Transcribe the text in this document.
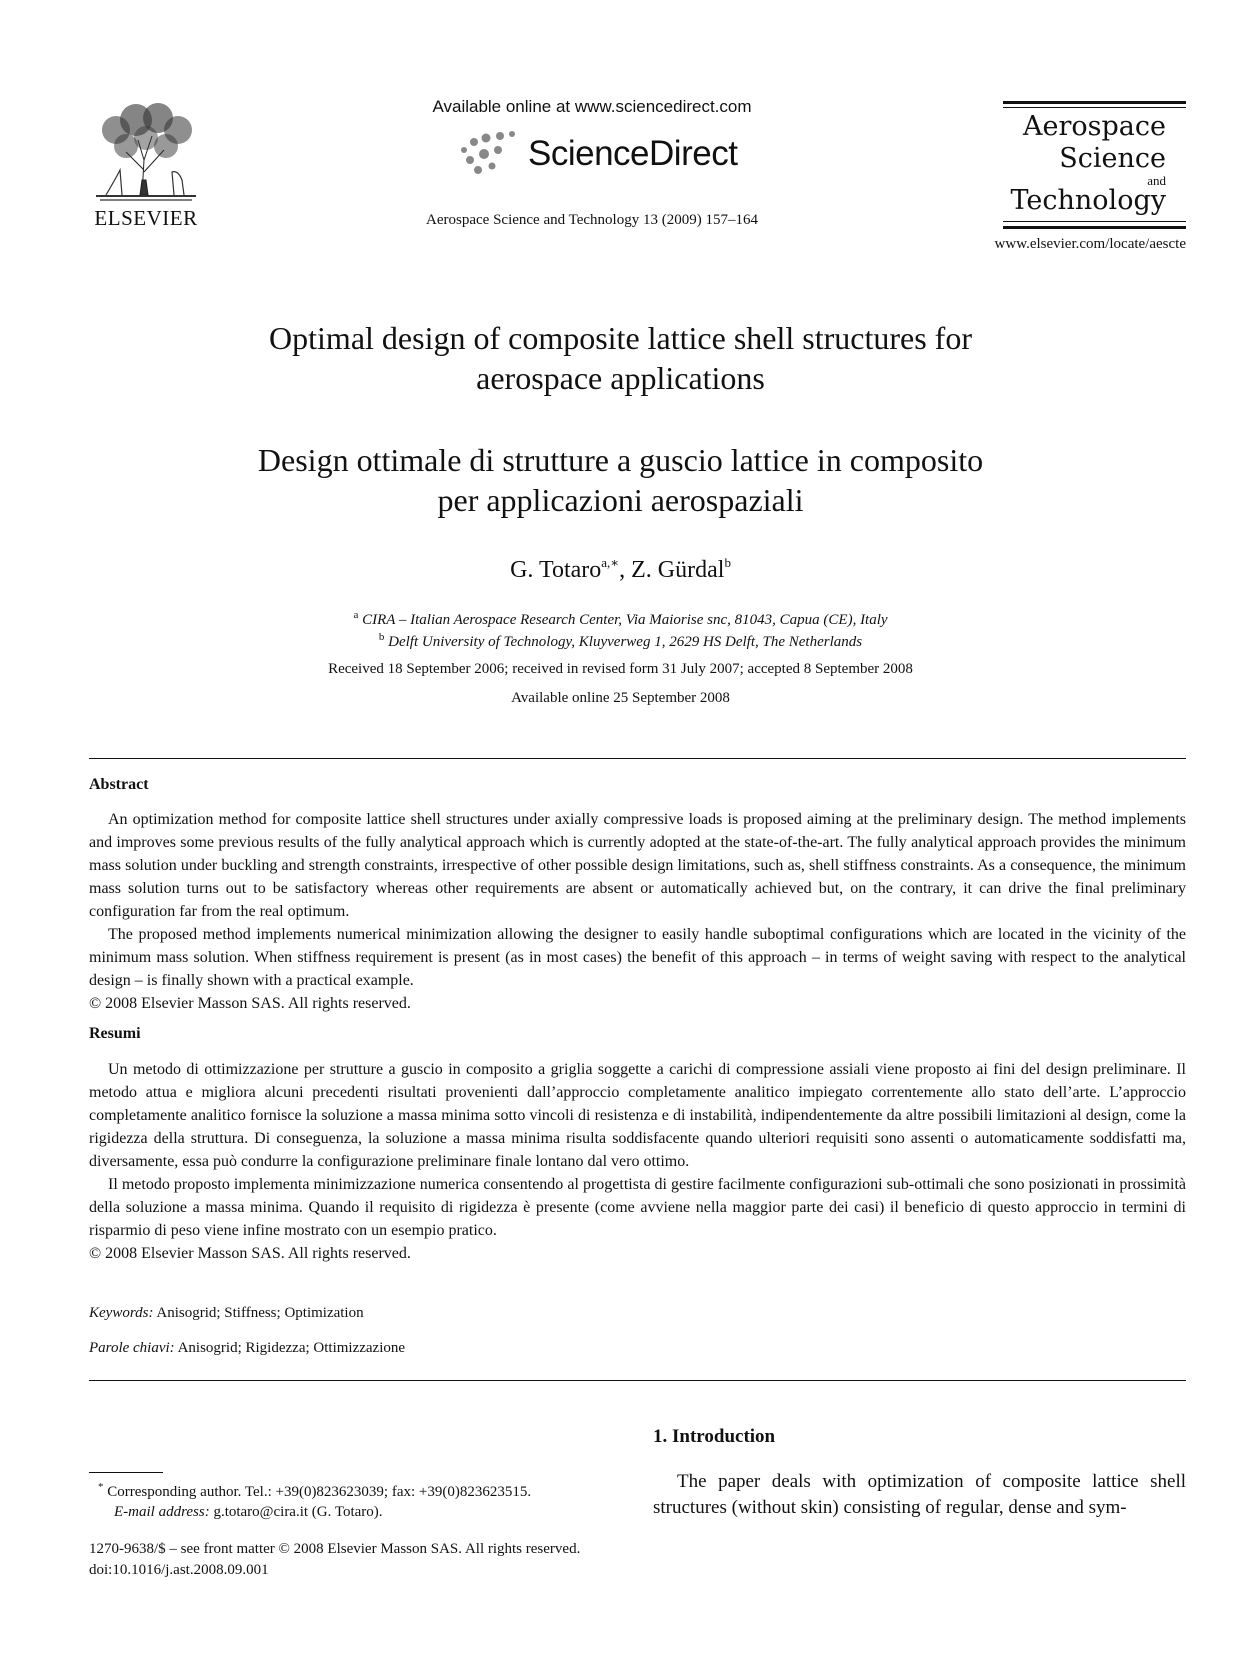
ELSEVIER
Available online at www.sciencedirect.com
ScienceDirect
Aerospace Science and Technology 13 (2009) 157–164
Aerospace
Science
and
Technology
www.elsevier.com/locate/aescte
Optimal design of composite lattice shell structures for
aerospace applications
Design ottimale di strutture a guscio lattice in composito
per applicazioni aerospaziali
G. Totaro$^{a,∗}$, Z. Gürdal$^b$
$^a$ CIRA – Italian Aerospace Research Center, Via Maiorise snc, 81043, Capua (CE), Italy
$^b$ Delft University of Technology, Kluyverweg 1, 2629 HS Delft, The Netherlands
Received 18 September 2006; received in revised form 31 July 2007; accepted 8 September 2008
Available online 25 September 2008
Abstract

An optimization method for composite lattice shell structures under axially compressive loads is proposed aiming at the preliminary design. The method implements and improves some previous results of the fully analytical approach which is currently adopted at the state-of-the-art. The fully analytical approach provides the minimum mass solution under buckling and strength constraints, irrespective of other possible design limitations, such as, shell stiffness constraints. As a consequence, the minimum mass solution turns out to be satisfactory whereas other requirements are absent or automatically achieved but, on the contrary, it can drive the final preliminary configuration far from the real optimum.

The proposed method implements numerical minimization allowing the designer to easily handle suboptimal configurations which are located in the vicinity of the minimum mass solution. When stiffness requirement is present (as in most cases) the benefit of this approach – in terms of weight saving with respect to the analytical design – is finally shown with a practical example.

© 2008 Elsevier Masson SAS. All rights reserved.

Resumi

Un metodo di ottimizzazione per strutture a guscio in composito a griglia soggette a carichi di compressione assiali viene proposto ai fini del design preliminare. Il metodo attua e migliora alcuni precedenti risultati provenienti dall’approccio completamente analitico impiegato correntemente allo stato dell’arte. L’approccio completamente analitico fornisce la soluzione a massa minima sotto vincoli di resistenza e di instabilità, indipendentemente da altre possibili limitazioni al design, come la rigidezza della struttura. Di conseguenza, la soluzione a massa minima risulta soddisfacente quando ulteriori requisiti sono assenti o automaticamente soddisfatti ma, diversamente, essa può condurre la configurazione preliminare finale lontano dal vero ottimo.

Il metodo proposto implementa minimizzazione numerica consentendo al progettista di gestire facilmente configurazioni sub-ottimali che sono posizionati in prossimità della soluzione a massa minima. Quando il requisito di rigidezza è presente (come avviene nella maggior parte dei casi) il beneficio di questo approccio in termini di risparmio di peso viene infine mostrato con un esempio pratico.

© 2008 Elsevier Masson SAS. All rights reserved.

Keywords: Anisogrid; Stiffness; Optimization
Parole chiavi: Anisogrid; Rigidezza; Ottimizzazione
* Corresponding author. Tel.: +39(0)823623039; fax: +39(0)823623515.
E-mail address: g.totaro@cira.it (G. Totaro).
1270-9638/$ – see front matter © 2008 Elsevier Masson SAS. All rights reserved.
doi:10.1016/j.ast.2008.09.001
1. Introduction

The paper deals with optimization of composite lattice shell structures (without skin) consisting of regular, dense and sym-
